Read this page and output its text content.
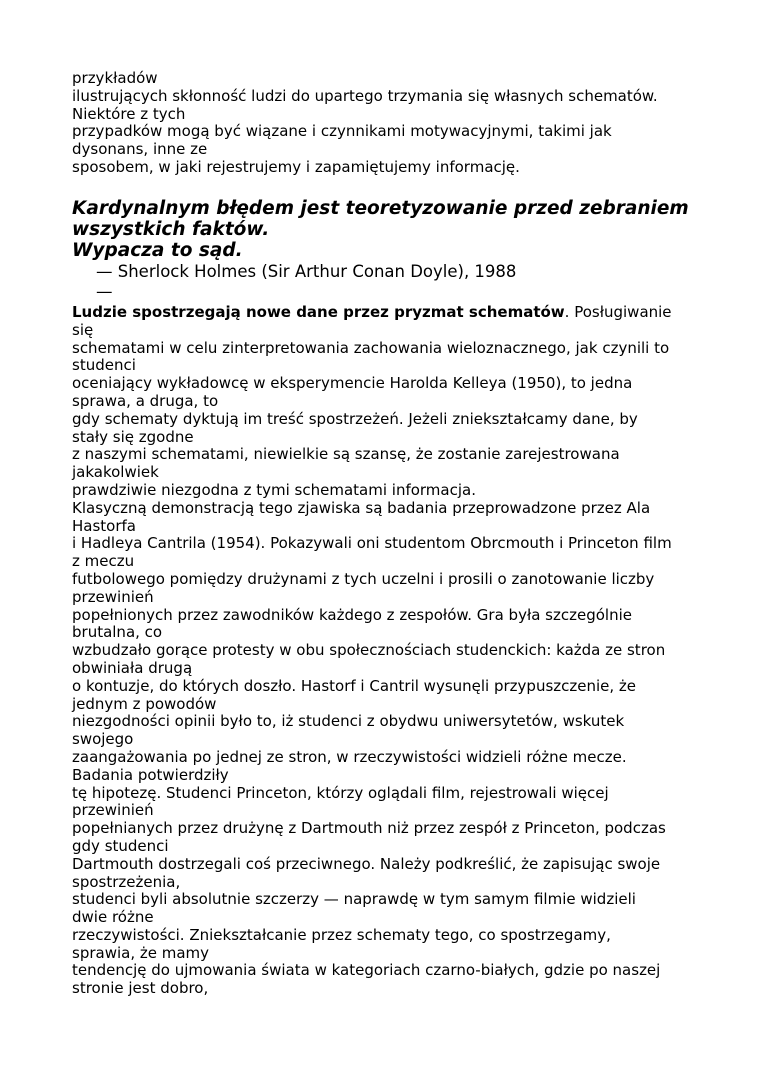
przykładów
ilustrujących skłonność ludzi do upartego trzymania się własnych schematów.
Niektóre z tych
przypadków mogą być wiązane i czynnikami motywacyjnymi, takimi jak
dysonans, inne ze
sposobem, w jaki rejestrujemy i zapamiętujemy informację.
Kardynalnym błędem jest teoretyzowanie przed zebraniem
wszystkich faktów.
Wypacza to sąd.
— Sherlock Holmes (Sir Arthur Conan Doyle), 1988
—
Ludzie spostrzegają nowe dane przez pryzmat schematów. Posługiwanie
się
schematami w celu zinterpretowania zachowania wieloznacznego, jak czynili to
studenci
oceniający wykładowcę w eksperymencie Harolda Kelleya (1950), to jedna
sprawa, a druga, to
gdy schematy dyktują im treść spostrzeżeń. Jeżeli zniekształcamy dane, by
stały się zgodne
z naszymi schematami, niewielkie są szansę, że zostanie zarejestrowana
jakakolwiek
prawdziwie niezgodna z tymi schematami informacja.
Klasyczną demonstracją tego zjawiska są badania przeprowadzone przez Ala
Hastorfa
i Hadleya Cantrila (1954). Pokazywali oni studentom Obrcmouth i Princeton film
z meczu
futbolowego pomiędzy drużynami z tych uczelni i prosili o zanotowanie liczby
przewinień
popełnionych przez zawodników każdego z zespołów. Gra była szczególnie
brutalna, co
wzbudzało gorące protesty w obu społecznościach studenckich: każda ze stron
obwiniała drugą
o kontuzje, do których doszło. Hastorf i Cantril wysunęli przypuszczenie, że
jednym z powodów
niezgodności opinii było to, iż studenci z obydwu uniwersytetów, wskutek
swojego
zaangażowania po jednej ze stron, w rzeczywistości widzieli różne mecze.
Badania potwierdziły
tę hipotezę. Studenci Princeton, którzy oglądali film, rejestrowali więcej
przewinień
popełnianych przez drużynę z Dartmouth niż przez zespół z Princeton, podczas
gdy studenci
Dartmouth dostrzegali coś przeciwnego. Należy podkreślić, że zapisując swoje
spostrzeżenia,
studenci byli absolutnie szczerzy — naprawdę w tym samym filmie widzieli
dwie różne
rzeczywistości. Zniekształcanie przez schematy tego, co spostrzegamy,
sprawia, że mamy
tendencję do ujmowania świata w kategoriach czarno-białych, gdzie po naszej
stronie jest dobro,
